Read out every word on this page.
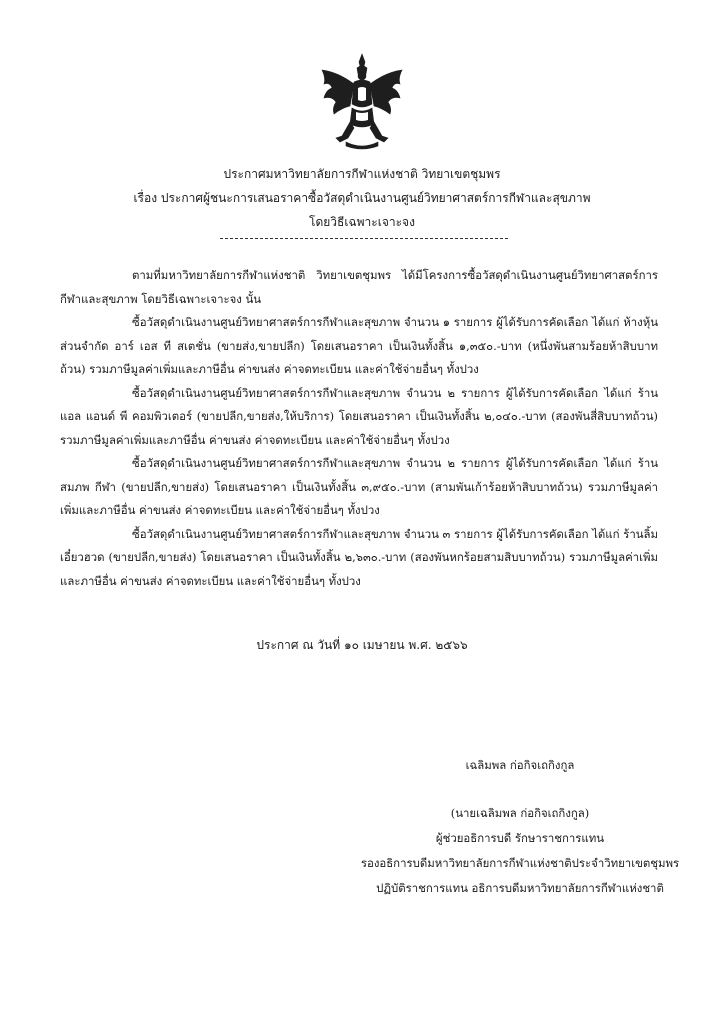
ประกาศมหาวิทยาลัยการกีฬาแห่งชาติ วิทยาเขตชุมพร
เรื่อง ประกาศผู้ชนะการเสนอราคาซื้อวัสดุดำเนินงานศูนย์วิทยาศาสตร์การกีฬาและสุขภาพ
โดยวิธีเฉพาะเจาะจง

ตามที่มหาวิทยาลัยการกีฬาแห่งชาติ วิทยาเขตชุมพร ได้มีโครงการซื้อวัสดุดำเนินงานศูนย์วิทยาศาสตร์การกีฬาและสุขภาพ โดยวิธีเฉพาะเจาะจง นั้น

ซื้อวัสดุดำเนินงานศูนย์วิทยาศาสตร์การกีฬาและสุขภาพ จำนวน ๑ รายการ ผู้ได้รับการคัดเลือก ได้แก่ ห้างหุ้นส่วนจำกัด อาร์ เอส ที สเตชั่น (ขายส่ง,ขายปลีก) โดยเสนอราคา เป็นเงินทั้งสิ้น ๑,๓๕๐.-บาท (หนึ่งพันสามร้อยห้าสิบบาทถ้วน) รวมภาษีมูลค่าเพิ่มและภาษีอื่น ค่าขนส่ง ค่าจดทะเบียน และค่าใช้จ่ายอื่นๆ ทั้งปวง

ซื้อวัสดุดำเนินงานศูนย์วิทยาศาสตร์การกีฬาและสุขภาพ จำนวน ๒ รายการ ผู้ได้รับการคัดเลือก ได้แก่ ร้านแอล แอนด์ พี คอมพิวเตอร์ (ขายปลีก,ขายส่ง,ให้บริการ) โดยเสนอราคา เป็นเงินทั้งสิ้น ๒,๐๔๐.-บาท (สองพันสี่สิบบาทถ้วน) รวมภาษีมูลค่าเพิ่มและภาษีอื่น ค่าขนส่ง ค่าจดทะเบียน และค่าใช้จ่ายอื่นๆ ทั้งปวง

ซื้อวัสดุดำเนินงานศูนย์วิทยาศาสตร์การกีฬาและสุขภาพ จำนวน ๒ รายการ ผู้ได้รับการคัดเลือก ได้แก่ ร้านสมภพ กีฬา (ขายปลีก,ขายส่ง) โดยเสนอราคา เป็นเงินทั้งสิ้น ๓,๙๕๐.-บาท (สามพันเก้าร้อยห้าสิบบาทถ้วน) รวมภาษีมูลค่าเพิ่มและภาษีอื่น ค่าขนส่ง ค่าจดทะเบียน และค่าใช้จ่ายอื่นๆ ทั้งปวง

ซื้อวัสดุดำเนินงานศูนย์วิทยาศาสตร์การกีฬาและสุขภาพ จำนวน ๓ รายการ ผู้ได้รับการคัดเลือก ได้แก่ ร้านลิ้มเอี๋ยวฮวด (ขายปลีก,ขายส่ง) โดยเสนอราคา เป็นเงินทั้งสิ้น ๒,๖๓๐.-บาท (สองพันหกร้อยสามสิบบาทถ้วน) รวมภาษีมูลค่าเพิ่มและภาษีอื่น ค่าขนส่ง ค่าจดทะเบียน และค่าใช้จ่ายอื่นๆ ทั้งปวง

ประกาศ ณ วันที่ ๑๐ เมษายน พ.ศ. ๒๕๖๖
เฉลิมพล ก่อกิจเถกิงกูล
(นายเฉลิมพล ก่อกิจเถกิงกูล)
ผู้ช่วยอธิการบดี รักษาราชการแทน
รองอธิการบดีมหาวิทยาลัยการกีฬาแห่งชาติประจำวิทยาเขตชุมพร
ปฏิบัติราชการแทน อธิการบดีมหาวิทยาลัยการกีฬาแห่งชาติ
